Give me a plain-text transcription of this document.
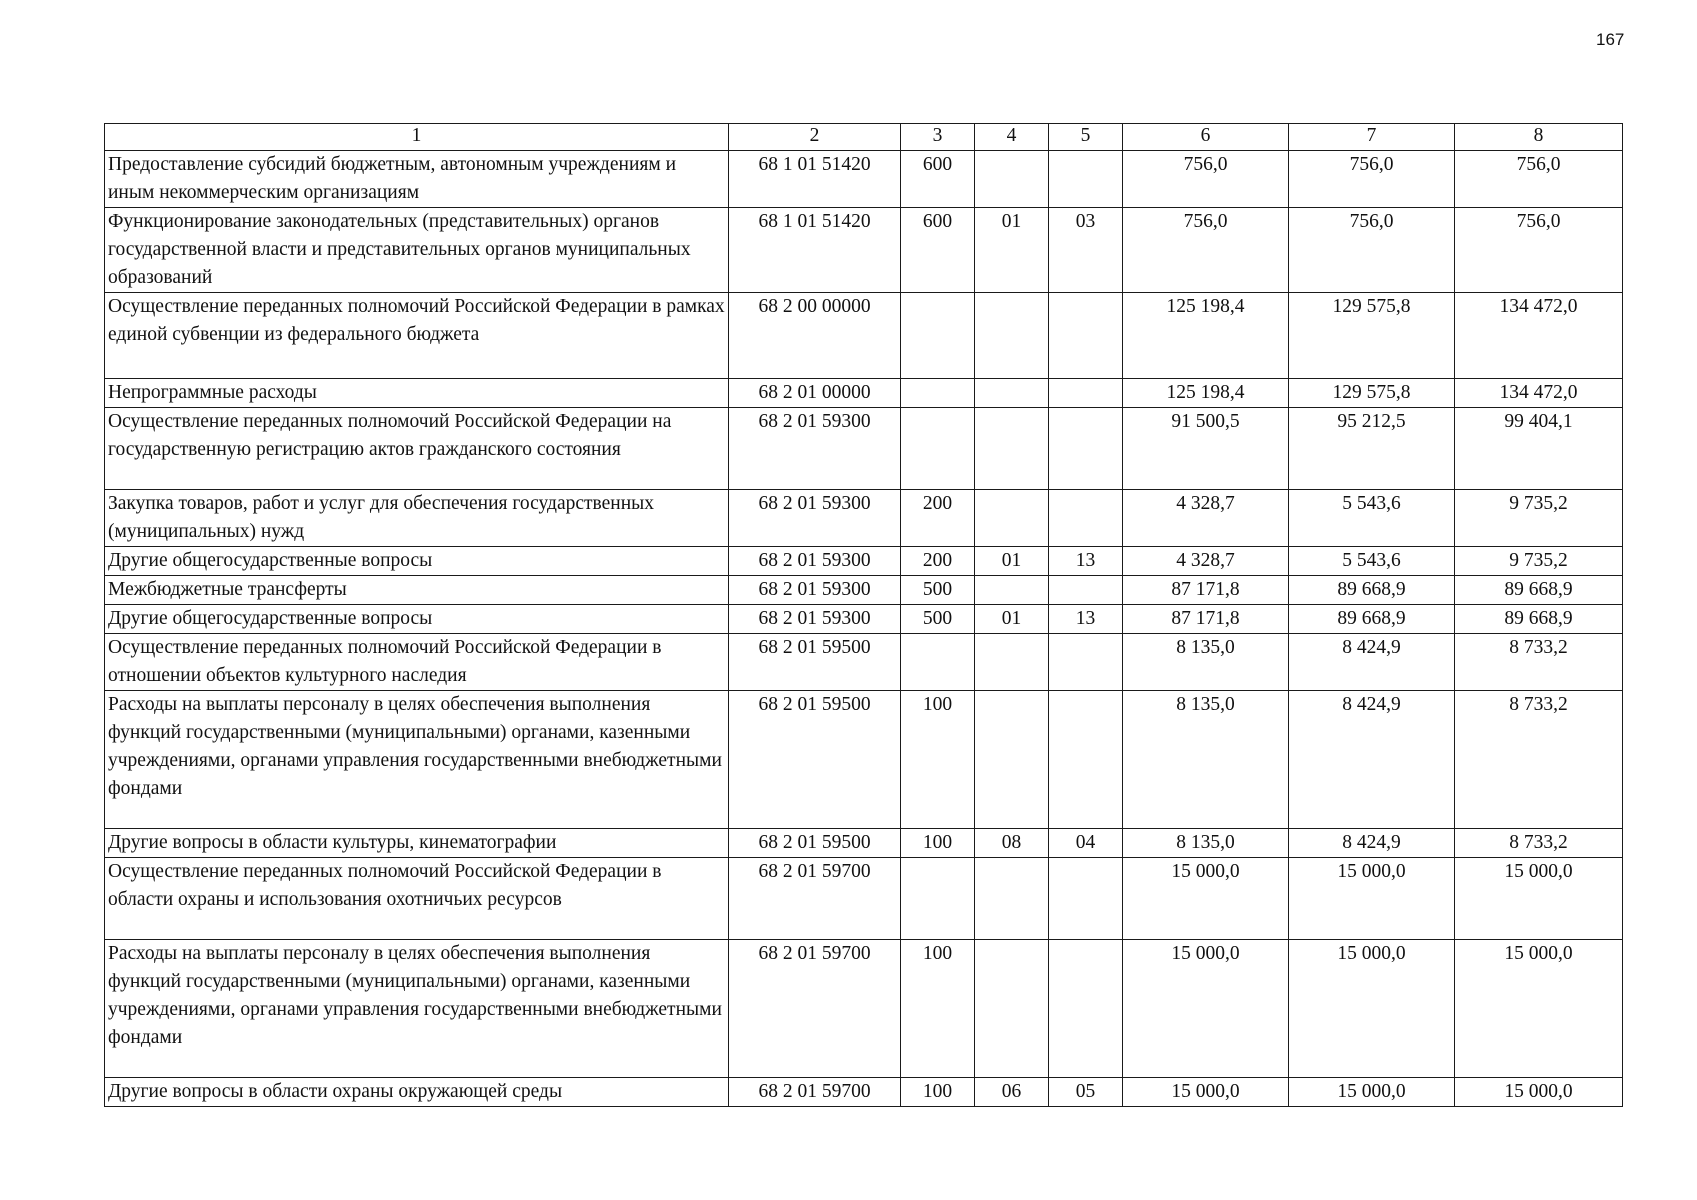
167
1	2	3	4	5	6	7	8
Предоставление субсидий бюджетным, автономным учреждениям и иным некоммерческим организациям	68 1 01 51420	600			756,0	756,0	756,0
Функционирование законодательных (представительных) органов государственной власти и представительных органов муниципальных образований	68 1 01 51420	600	01	03	756,0	756,0	756,0
Осуществление переданных полномочий Российской Федерации в рамках единой субвенции из федерального бюджета	68 2 00 00000				125 198,4	129 575,8	134 472,0
Непрограммные расходы	68 2 01 00000				125 198,4	129 575,8	134 472,0
Осуществление переданных полномочий Российской Федерации на государственную регистрацию актов гражданского состояния	68 2 01 59300				91 500,5	95 212,5	99 404,1
Закупка товаров, работ и услуг для обеспечения государственных (муниципальных) нужд	68 2 01 59300	200			4 328,7	5 543,6	9 735,2
Другие общегосударственные вопросы	68 2 01 59300	200	01	13	4 328,7	5 543,6	9 735,2
Межбюджетные трансферты	68 2 01 59300	500			87 171,8	89 668,9	89 668,9
Другие общегосударственные вопросы	68 2 01 59300	500	01	13	87 171,8	89 668,9	89 668,9
Осуществление переданных полномочий Российской Федерации в отношении объектов культурного наследия	68 2 01 59500				8 135,0	8 424,9	8 733,2
Расходы на выплаты персоналу в целях обеспечения выполнения функций государственными (муниципальными) органами, казенными учреждениями, органами управления государственными внебюджетными фондами	68 2 01 59500	100			8 135,0	8 424,9	8 733,2
Другие вопросы в области культуры, кинематографии	68 2 01 59500	100	08	04	8 135,0	8 424,9	8 733,2
Осуществление переданных полномочий Российской Федерации в области охраны и использования охотничьих ресурсов	68 2 01 59700				15 000,0	15 000,0	15 000,0
Расходы на выплаты персоналу в целях обеспечения выполнения функций государственными (муниципальными) органами, казенными учреждениями, органами управления государственными внебюджетными фондами	68 2 01 59700	100			15 000,0	15 000,0	15 000,0
Другие вопросы в области охраны окружающей среды	68 2 01 59700	100	06	05	15 000,0	15 000,0	15 000,0
